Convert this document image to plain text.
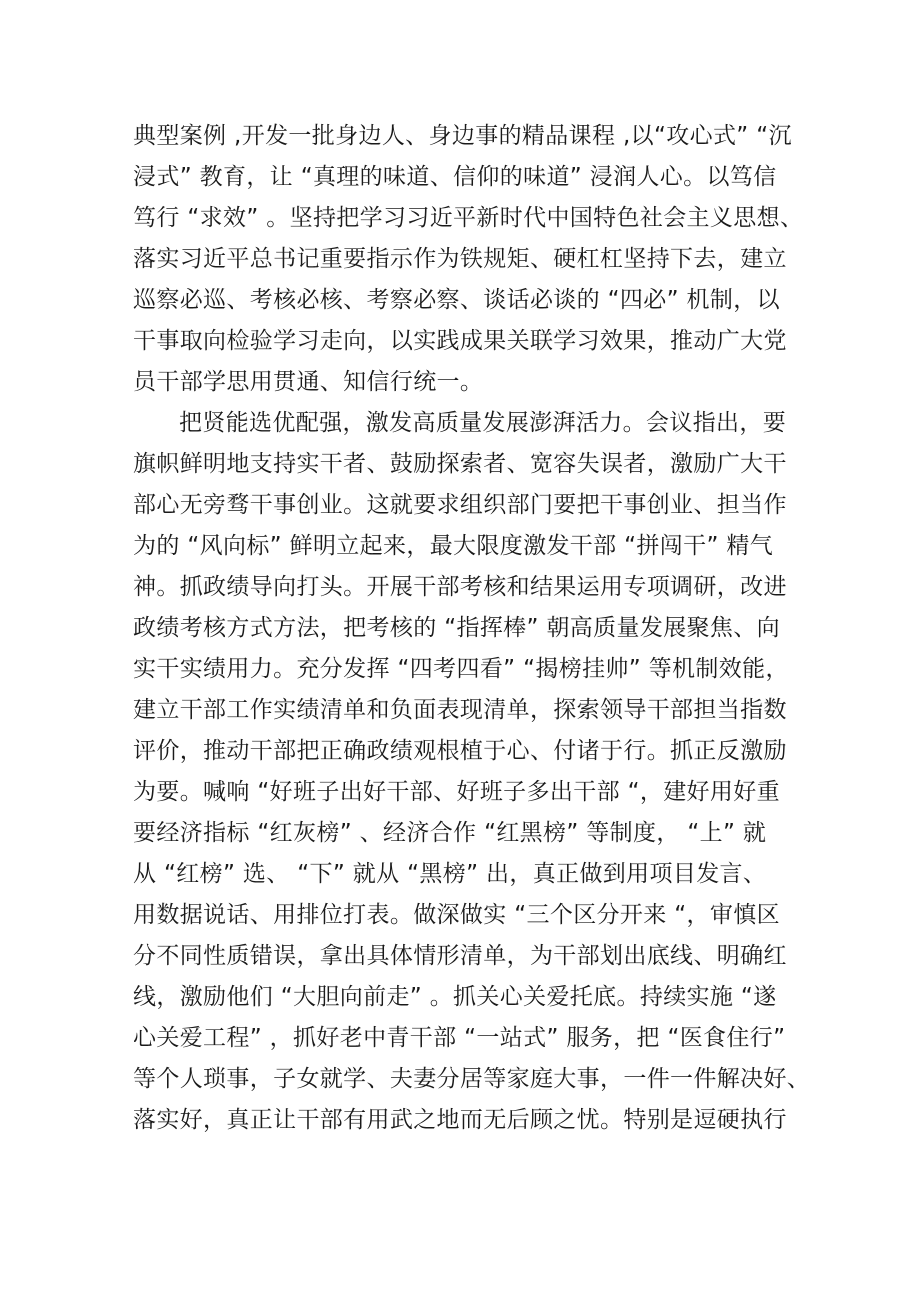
典型案例 ,开发一批身边人、身边事的精品课程 ,以“攻心式” “沉
浸式” 教育，让 “真理的味道、信仰的味道” 浸润人心。以笃信
笃行 “求效” 。坚持把学习习近平新时代中国特色社会主义思想、
落实习近平总书记重要指示作为铁规矩、硬杠杠坚持下去，建立
巡察必巡、考核必核、考察必察、谈话必谈的 “四必” 机制，以
干事取向检验学习走向，以实践成果关联学习效果，推动广大党
员干部学思用贯通、知信行统一。
把贤能选优配强，激发高质量发展澎湃活力。会议指出，要
旗帜鲜明地支持实干者、鼓励探索者、宽容失误者，激励广大干
部心无旁骛干事创业。这就要求组织部门要把干事创业、担当作
为的 “风向标” 鲜明立起来，最大限度激发干部 “拼闯干” 精气
神。抓政绩导向打头。开展干部考核和结果运用专项调研，改进
政绩考核方式方法，把考核的 “指挥棒” 朝高质量发展聚焦、向
实干实绩用力。充分发挥 “四考四看” “揭榜挂帅” 等机制效能，
建立干部工作实绩清单和负面表现清单，探索领导干部担当指数
评价，推动干部把正确政绩观根植于心、付诸于行。抓正反激励
为要。喊响 “好班子出好干部、好班子多出干部 “，建好用好重
要经济指标 “红灰榜” 、经济合作 “红黑榜” 等制度， “上” 就
从 “红榜” 选、 “下” 就从 “黑榜” 出，真正做到用项目发言、
用数据说话、用排位打表。做深做实 “三个区分开来 “，审慎区
分不同性质错误，拿出具体情形清单，为干部划出底线、明确红
线，激励他们 “大胆向前走” 。抓关心关爱托底。持续实施 “遂
心关爱工程” ，抓好老中青干部 “一站式” 服务，把 “医食住行”
等个人琐事，子女就学、夫妻分居等家庭大事，一件一件解决好、
落实好，真正让干部有用武之地而无后顾之忧。特别是逗硬执行
